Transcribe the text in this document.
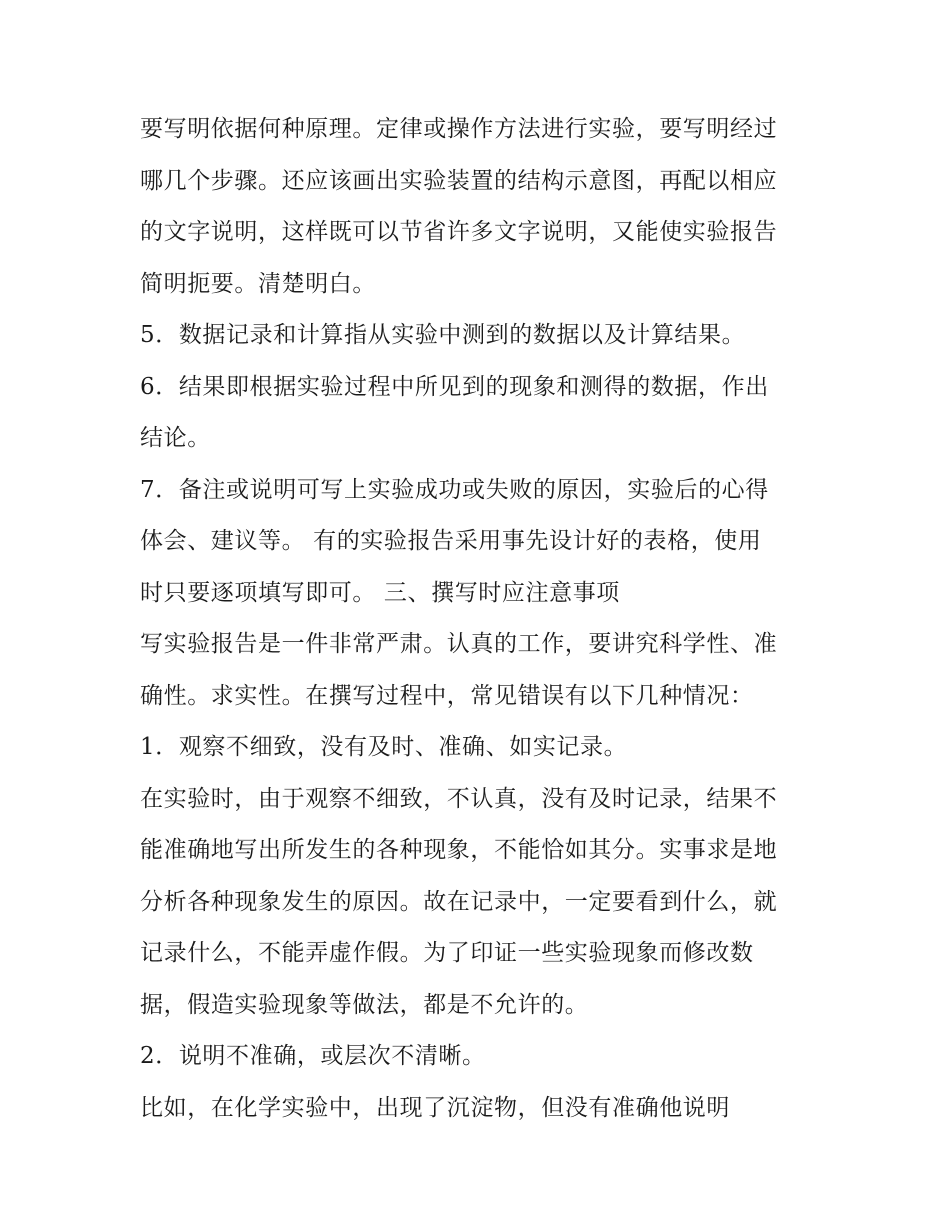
要写明依据何种原理。定律或操作方法进行实验，要写明经过
哪几个步骤。还应该画出实验装置的结构示意图，再配以相应
的文字说明，这样既可以节省许多文字说明，又能使实验报告
简明扼要。清楚明白。
5．数据记录和计算指从实验中测到的数据以及计算结果。
6．结果即根据实验过程中所见到的现象和测得的数据，作出
结论。
7．备注或说明可写上实验成功或失败的原因，实验后的心得
体会、建议等。 有的实验报告采用事先设计好的表格，使用
时只要逐项填写即可。 三、撰写时应注意事项
写实验报告是一件非常严肃。认真的工作，要讲究科学性、准
确性。求实性。在撰写过程中，常见错误有以下几种情况：
1．观察不细致，没有及时、准确、如实记录。
在实验时，由于观察不细致，不认真，没有及时记录，结果不
能准确地写出所发生的各种现象，不能恰如其分。实事求是地
分析各种现象发生的原因。故在记录中，一定要看到什么，就
记录什么，不能弄虚作假。为了印证一些实验现象而修改数
据，假造实验现象等做法，都是不允许的。
2．说明不准确，或层次不清晰。
比如，在化学实验中，出现了沉淀物，但没有准确他说明
